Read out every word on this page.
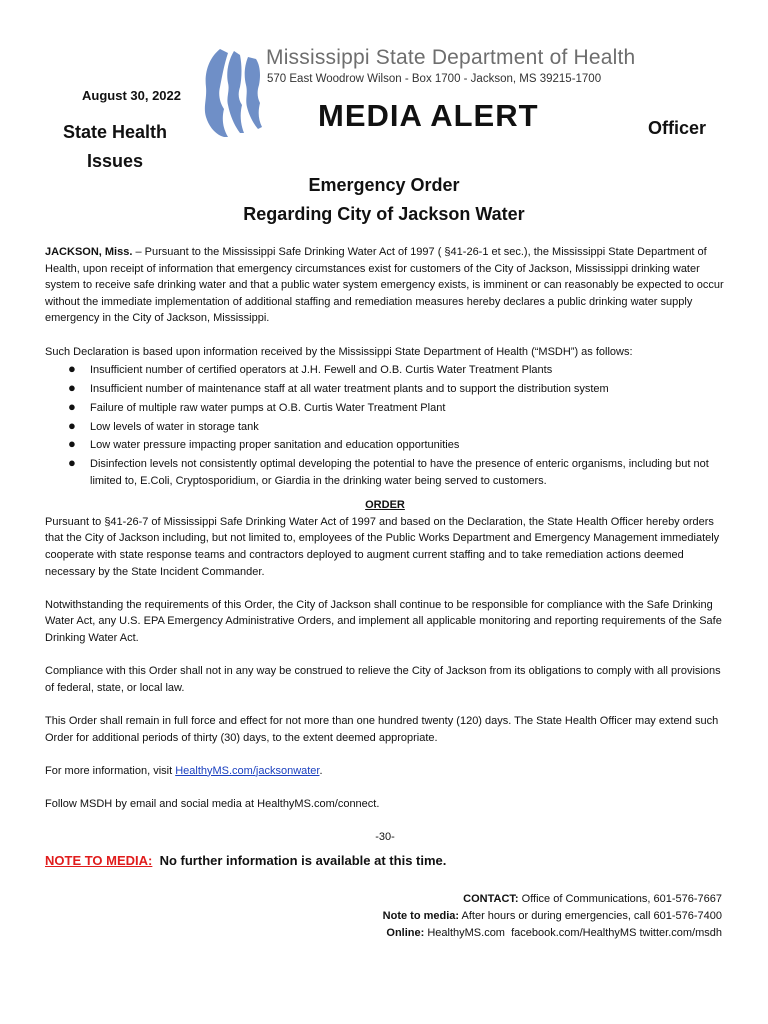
Mississippi State Department of Health
570 East Woodrow Wilson - Box 1700 - Jackson, MS 39215-1700
August 30, 2022
MEDIA ALERT
State Health
Issues
Officer
Emergency Order
Regarding City of Jackson Water

JACKSON, Miss. – Pursuant to the Mississippi Safe Drinking Water Act of 1997 ( §41-26-1 et sec.), the Mississippi State Department of Health, upon receipt of information that emergency circumstances exist for customers of the City of Jackson, Mississippi drinking water system to receive safe drinking water and that a public water system emergency exists, is imminent or can reasonably be expected to occur without the immediate implementation of additional staffing and remediation measures hereby declares a public drinking water supply emergency in the City of Jackson, Mississippi.

Such Declaration is based upon information received by the Mississippi State Department of Health (“MSDH”) as follows:

● Insufficient number of certified operators at J.H. Fewell and O.B. Curtis Water Treatment Plants
● Insufficient number of maintenance staff at all water treatment plants and to support the distribution system
● Failure of multiple raw water pumps at O.B. Curtis Water Treatment Plant
● Low levels of water in storage tank
● Low water pressure impacting proper sanitation and education opportunities
● Disinfection levels not consistently optimal developing the potential to have the presence of enteric organisms, including but not limited to, E.Coli, Cryptosporidium, or Giardia in the drinking water being served to customers.

ORDER

Pursuant to §41-26-7 of Mississippi Safe Drinking Water Act of 1997 and based on the Declaration, the State Health Officer hereby orders that the City of Jackson including, but not limited to, employees of the Public Works Department and Emergency Management immediately cooperate with state response teams and contractors deployed to augment current staffing and to take remediation actions deemed necessary by the State Incident Commander.

Notwithstanding the requirements of this Order, the City of Jackson shall continue to be responsible for compliance with the Safe Drinking Water Act, any U.S. EPA Emergency Administrative Orders, and implement all applicable monitoring and reporting requirements of the Safe Drinking Water Act.

Compliance with this Order shall not in any way be construed to relieve the City of Jackson from its obligations to comply with all provisions of federal, state, or local law.

This Order shall remain in full force and effect for not more than one hundred twenty (120) days. The State Health Officer may extend such Order for additional periods of thirty (30) days, to the extent deemed appropriate.

For more information, visit HealthyMS.com/jacksonwater.

Follow MSDH by email and social media at HealthyMS.com/connect.

-30-

NOTE TO MEDIA:  No further information is available at this time.
CONTACT: Office of Communications, 601-576-7667
Note to media: After hours or during emergencies, call 601-576-7400
Online: HealthyMS.com  facebook.com/HealthyMS twitter.com/msdh
